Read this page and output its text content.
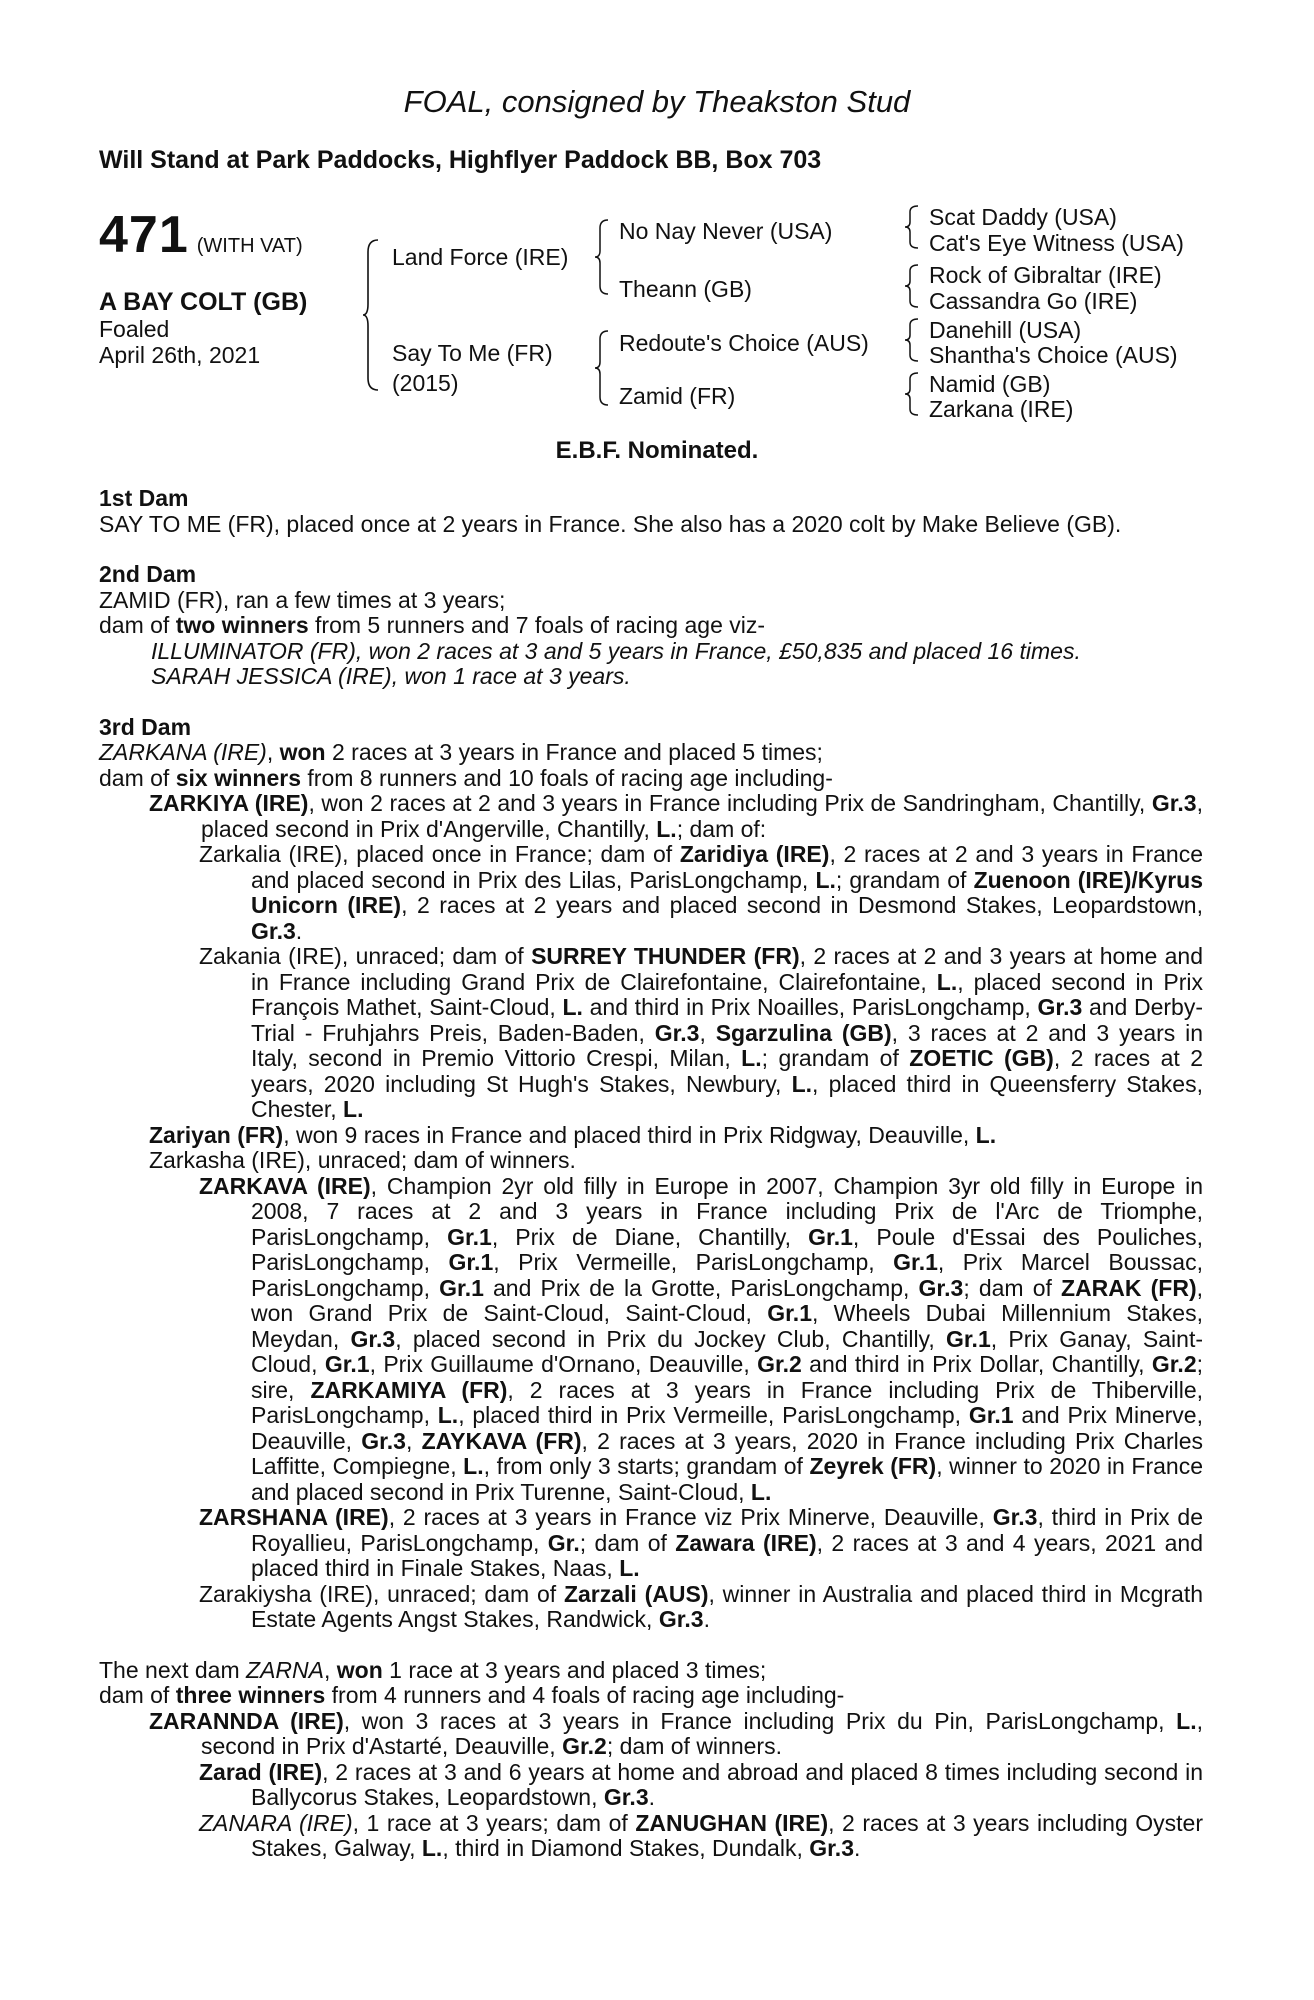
FOAL, consigned by Theakston Stud
Will Stand at Park Paddocks, Highflyer Paddock BB, Box 703
471 (WITH VAT)
A BAY COLT (GB)
Foaled
April 26th, 2021
Land Force (IRE)
Say To Me (FR)
(2015)
No Nay Never (USA)
Theann (GB)
Redoute's Choice (AUS)
Zamid (FR)
Scat Daddy (USA)
Cat's Eye Witness (USA)
Rock of Gibraltar (IRE)
Cassandra Go (IRE)
Danehill (USA)
Shantha's Choice (AUS)
Namid (GB)
Zarkana (IRE)
E.B.F. Nominated.
1st Dam

SAY TO ME (FR), placed once at 2 years in France. She also has a 2020 colt by Make Believe (GB).

2nd Dam

ZAMID (FR), ran a few times at 3 years;

dam of two winners from 5 runners and 7 foals of racing age viz-

ILLUMINATOR (FR), won 2 races at 3 and 5 years in France, £50,835 and placed 16 times.

SARAH JESSICA (IRE), won 1 race at 3 years.

3rd Dam

ZARKANA (IRE), won 2 races at 3 years in France and placed 5 times;

dam of six winners from 8 runners and 10 foals of racing age including-

ZARKIYA (IRE), won 2 races at 2 and 3 years in France including Prix de Sandringham, Chantilly, Gr.3, placed second in Prix d'Angerville, Chantilly, L.; dam of:

Zarkalia (IRE), placed once in France; dam of Zaridiya (IRE), 2 races at 2 and 3 years in France and placed second in Prix des Lilas, ParisLongchamp, L.; grandam of Zuenoon (IRE)/Kyrus Unicorn (IRE), 2 races at 2 years and placed second in Desmond Stakes, Leopardstown, Gr.3.

Zakania (IRE), unraced; dam of SURREY THUNDER (FR), 2 races at 2 and 3 years at home and in France including Grand Prix de Clairefontaine, Clairefontaine, L., placed second in Prix François Mathet, Saint-Cloud, L. and third in Prix Noailles, ParisLongchamp, Gr.3 and Derby-Trial - Fruhjahrs Preis, Baden-Baden, Gr.3, Sgarzulina (GB), 3 races at 2 and 3 years in Italy, second in Premio Vittorio Crespi, Milan, L.; grandam of ZOETIC (GB), 2 races at 2 years, 2020 including St Hugh's Stakes, Newbury, L., placed third in Queensferry Stakes, Chester, L.

Zariyan (FR), won 9 races in France and placed third in Prix Ridgway, Deauville, L.

Zarkasha (IRE), unraced; dam of winners.

ZARKAVA (IRE), Champion 2yr old filly in Europe in 2007, Champion 3yr old filly in Europe in 2008, 7 races at 2 and 3 years in France including Prix de l'Arc de Triomphe, ParisLongchamp, Gr.1, Prix de Diane, Chantilly, Gr.1, Poule d'Essai des Pouliches, ParisLongchamp, Gr.1, Prix Vermeille, ParisLongchamp, Gr.1, Prix Marcel Boussac, ParisLongchamp, Gr.1 and Prix de la Grotte, ParisLongchamp, Gr.3; dam of ZARAK (FR), won Grand Prix de Saint-Cloud, Saint-Cloud, Gr.1, Wheels Dubai Millennium Stakes, Meydan, Gr.3, placed second in Prix du Jockey Club, Chantilly, Gr.1, Prix Ganay, Saint-Cloud, Gr.1, Prix Guillaume d'Ornano, Deauville, Gr.2 and third in Prix Dollar, Chantilly, Gr.2; sire, ZARKAMIYA (FR), 2 races at 3 years in France including Prix de Thiberville, ParisLongchamp, L., placed third in Prix Vermeille, ParisLongchamp, Gr.1 and Prix Minerve, Deauville, Gr.3, ZAYKAVA (FR), 2 races at 3 years, 2020 in France including Prix Charles Laffitte, Compiegne, L., from only 3 starts; grandam of Zeyrek (FR), winner to 2020 in France and placed second in Prix Turenne, Saint-Cloud, L.

ZARSHANA (IRE), 2 races at 3 years in France viz Prix Minerve, Deauville, Gr.3, third in Prix de Royallieu, ParisLongchamp, Gr.; dam of Zawara (IRE), 2 races at 3 and 4 years, 2021 and placed third in Finale Stakes, Naas, L.

Zarakiysha (IRE), unraced; dam of Zarzali (AUS), winner in Australia and placed third in Mcgrath Estate Agents Angst Stakes, Randwick, Gr.3.

The next dam ZARNA, won 1 race at 3 years and placed 3 times;

dam of three winners from 4 runners and 4 foals of racing age including-

ZARANNDA (IRE), won 3 races at 3 years in France including Prix du Pin, ParisLongchamp, L., second in Prix d'Astarté, Deauville, Gr.2; dam of winners.

Zarad (IRE), 2 races at 3 and 6 years at home and abroad and placed 8 times including second in Ballycorus Stakes, Leopardstown, Gr.3.

ZANARA (IRE), 1 race at 3 years; dam of ZANUGHAN (IRE), 2 races at 3 years including Oyster Stakes, Galway, L., third in Diamond Stakes, Dundalk, Gr.3.
